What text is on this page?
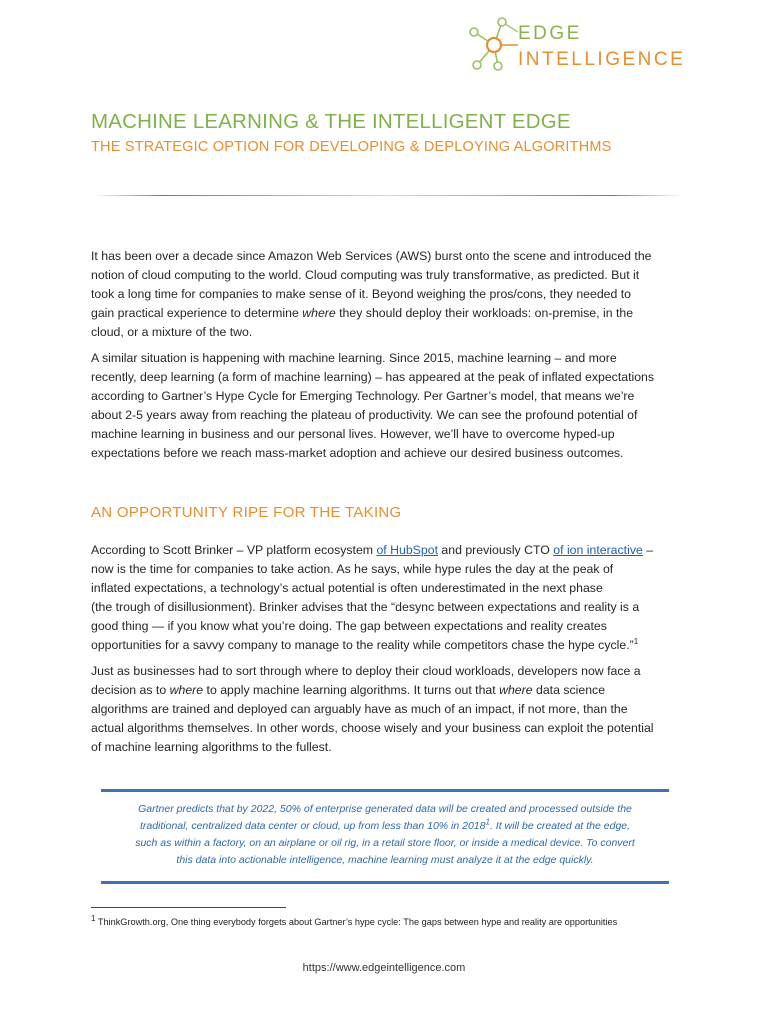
EDGE
INTELLIGENCE
MACHINE LEARNING & THE INTELLIGENT EDGE
THE STRATEGIC OPTION FOR DEVELOPING & DEPLOYING ALGORITHMS

It has been over a decade since Amazon Web Services (AWS) burst onto the scene and introduced the
notion of cloud computing to the world. Cloud computing was truly transformative, as predicted. But it
took a long time for companies to make sense of it. Beyond weighing the pros/cons, they needed to
gain practical experience to determine where they should deploy their workloads: on-premise, in the
cloud, or a mixture of the two.

A similar situation is happening with machine learning. Since 2015, machine learning – and more
recently, deep learning (a form of machine learning) – has appeared at the peak of inflated expectations
according to Gartner’s Hype Cycle for Emerging Technology. Per Gartner’s model, that means we’re
about 2-5 years away from reaching the plateau of productivity. We can see the profound potential of
machine learning in business and our personal lives. However, we’ll have to overcome hyped-up
expectations before we reach mass-market adoption and achieve our desired business outcomes.

AN OPPORTUNITY RIPE FOR THE TAKING

According to Scott Brinker – VP platform ecosystem of HubSpot and previously CTO of ion interactive –
now is the time for companies to take action. As he says, while hype rules the day at the peak of
inflated expectations, a technology’s actual potential is often underestimated in the next phase
(the trough of disillusionment). Brinker advises that the “desync between expectations and reality is a
good thing — if you know what you’re doing. The gap between expectations and reality creates
opportunities for a savvy company to manage to the reality while competitors chase the hype cycle.”$^1$

Just as businesses had to sort through where to deploy their cloud workloads, developers now face a
decision as to where to apply machine learning algorithms. It turns out that where data science
algorithms are trained and deployed can arguably have as much of an impact, if not more, than the
actual algorithms themselves. In other words, choose wisely and your business can exploit the potential
of machine learning algorithms to the fullest.

Gartner predicts that by 2022, 50% of enterprise generated data will be created and processed outside the
traditional, centralized data center or cloud, up from less than 10% in 2018$^1$. It will be created at the edge,
such as within a factory, on an airplane or oil rig, in a retail store floor, or inside a medical device. To convert
this data into actionable intelligence, machine learning must analyze it at the edge quickly.

$^1$ ThinkGrowth.org, One thing everybody forgets about Gartner’s hype cycle: The gaps between hype and reality are opportunities

https://www.edgeintelligence.com
